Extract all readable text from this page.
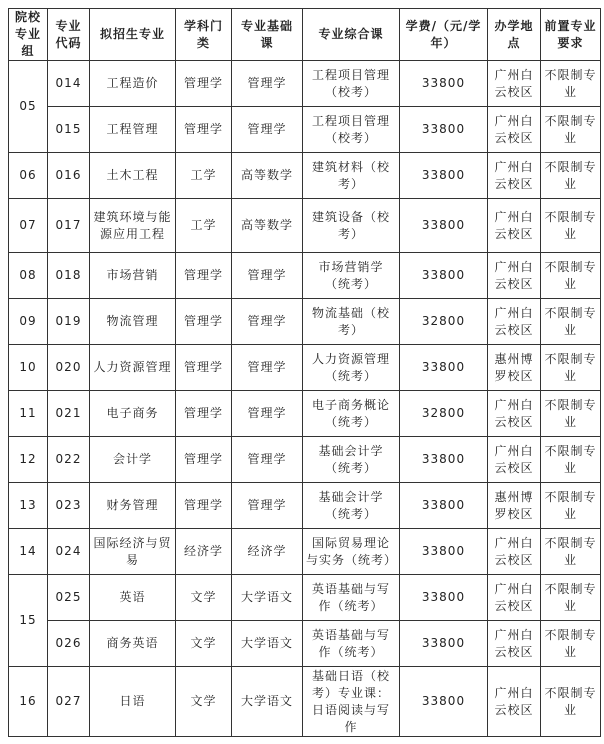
院校专业组	专业代码	拟招生专业	学科门类	专业基础课	专业综合课	学费/（元/学年）	办学地点	前置专业要求
05	014	工程造价	管理学	管理学	工程项目管理（校考）	33800	广州白云校区	不限制专业
	015	工程管理	管理学	管理学	工程项目管理（校考）	33800	广州白云校区	不限制专业
06	016	土木工程	工学	高等数学	建筑材料（校考）	33800	广州白云校区	不限制专业
07	017	建筑环境与能源应用工程	工学	高等数学	建筑设备（校考）	33800	广州白云校区	不限制专业
08	018	市场营销	管理学	管理学	市场营销学（统考）	33800	广州白云校区	不限制专业
09	019	物流管理	管理学	管理学	物流基础（校考）	32800	广州白云校区	不限制专业
10	020	人力资源管理	管理学	管理学	人力资源管理（统考）	33800	惠州博罗校区	不限制专业
11	021	电子商务	管理学	管理学	电子商务概论（统考）	32800	广州白云校区	不限制专业
12	022	会计学	管理学	管理学	基础会计学（统考）	33800	广州白云校区	不限制专业
13	023	财务管理	管理学	管理学	基础会计学（统考）	33800	惠州博罗校区	不限制专业
14	024	国际经济与贸易	经济学	经济学	国际贸易理论与实务（统考）	33800	广州白云校区	不限制专业
15	025	英语	文学	大学语文	英语基础与写作（统考）	33800	广州白云校区	不限制专业
	026	商务英语	文学	大学语文	英语基础与写作（统考）	33800	广州白云校区	不限制专业
16	027	日语	文学	大学语文	基础日语（校考）专业课：日语阅读与写作	33800	广州白云校区	不限制专业
